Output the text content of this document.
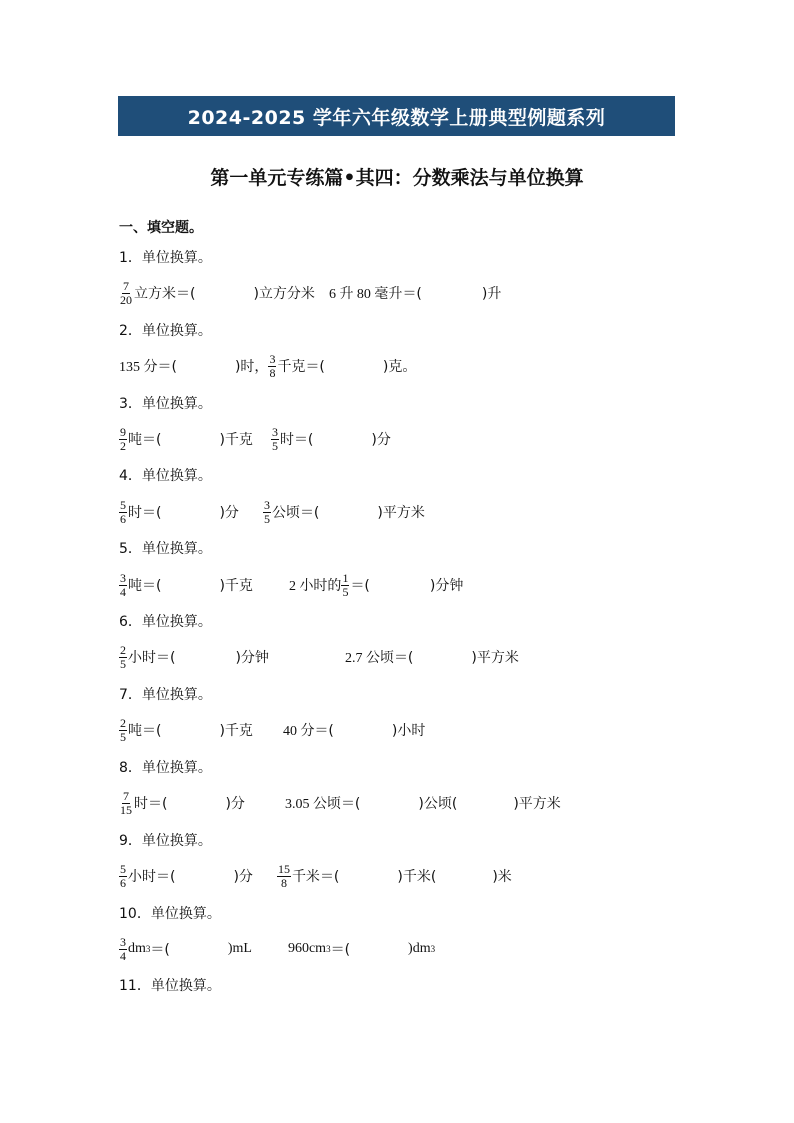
2024-2025 学年六年级数学上册典型例题系列
第一单元专练篇•其四：分数乘法与单位换算
一、填空题。
1．单位换算。
$\frac{7}{20}$ 立方米 ＝(	)立方分米 6 升 80 毫升 ＝(	)升
2．单位换算。
135 分 ＝(	)时， $\frac{3}{8}$ 千克 ＝(	)克。
3．单位换算。
$\frac{9}{2}$ 吨 ＝(	)千克 $\frac{3}{5}$ 时 ＝(	)分
4．单位换算。
$\frac{5}{6}$ 时 ＝(	)分 $\frac{3}{5}$ 公顷 ＝(	)平方米
5．单位换算。
$\frac{3}{4}$ 吨 ＝(	)千克	2 小时的 $\frac{1}{5}$ ＝(	)分钟
6．单位换算。
$\frac{2}{5}$ 小时 ＝(	)分钟	2.7 公顷 ＝(	)平方米
7．单位换算。
$\frac{2}{5}$ 吨 ＝(	)千克 40 分 ＝(	)小时
8．单位换算。
$\frac{7}{15}$ 时 ＝(	)分	3.05 公顷 ＝(	)公顷(	)平方米
9．单位换算。
$\frac{5}{6}$ 小时 ＝(	)分 $\frac{15}{8}$ 千米 ＝(	)千米(	)米
10．单位换算。
$\frac{3}{4}$ dm 3 ＝(	)mL	960cm 3 ＝(	)dm 3
11．单位换算。
